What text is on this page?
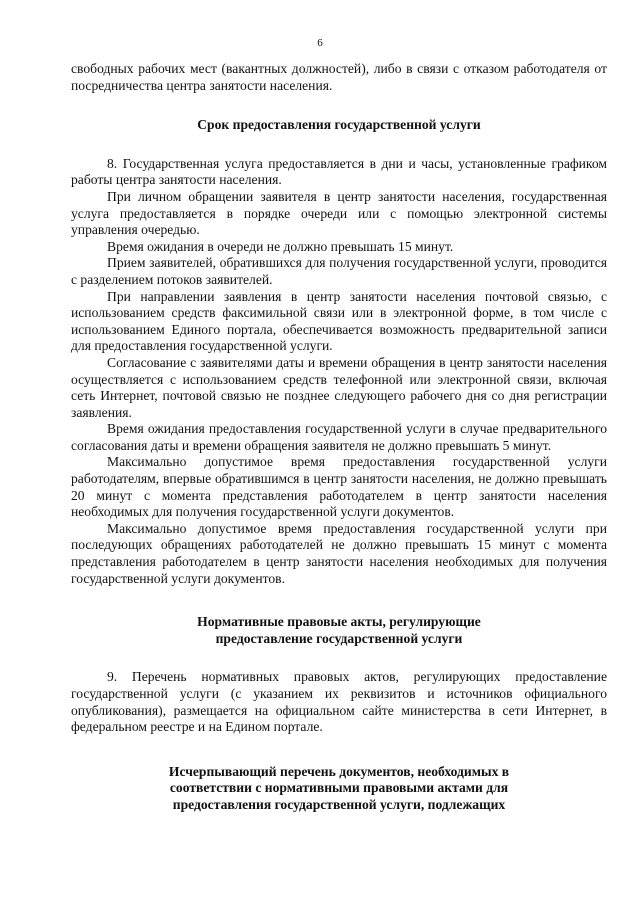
6

свободных рабочих мест (вакантных должностей), либо в связи с отказом работодателя от посредничества центра занятости населения.

Срок предоставления государственной услуги

8. Государственная услуга предоставляется в дни и часы, установленные графиком работы центра занятости населения.

При личном обращении заявителя в центр занятости населения, государственная услуга предоставляется в порядке очереди или с помощью электронной системы управления очередью.

Время ожидания в очереди не должно превышать 15 минут.

Прием заявителей, обратившихся для получения государственной услуги, проводится с разделением потоков заявителей.

При направлении заявления в центр занятости населения почтовой связью, с использованием средств факсимильной связи или в электронной форме, в том числе с использованием Единого портала, обеспечивается возможность предварительной записи для предоставления государственной услуги.

Согласование с заявителями даты и времени обращения в центр занятости населения осуществляется с использованием средств телефонной или электронной связи, включая сеть Интернет, почтовой связью не позднее следующего рабочего дня со дня регистрации заявления.

Время ожидания предоставления государственной услуги в случае предварительного согласования даты и времени обращения заявителя не должно превышать 5 минут.

Максимально допустимое время предоставления государственной услуги работодателям, впервые обратившимся в центр занятости населения, не должно превышать 20 минут с момента представления работодателем в центр занятости населения необходимых для получения государственной услуги документов.

Максимально допустимое время предоставления государственной услуги при последующих обращениях работодателей не должно превышать 15 минут с момента представления работодателем в центр занятости населения необходимых для получения государственной услуги документов.

Нормативные правовые акты, регулирующие
предоставление государственной услуги

9. Перечень нормативных правовых актов, регулирующих предоставление государственной услуги (с указанием их реквизитов и источников официального опубликования), размещается на официальном сайте министерства в сети Интернет, в федеральном реестре и на Едином портале.

Исчерпывающий перечень документов, необходимых в
соответствии с нормативными правовыми актами для
предоставления государственной услуги, подлежащих
